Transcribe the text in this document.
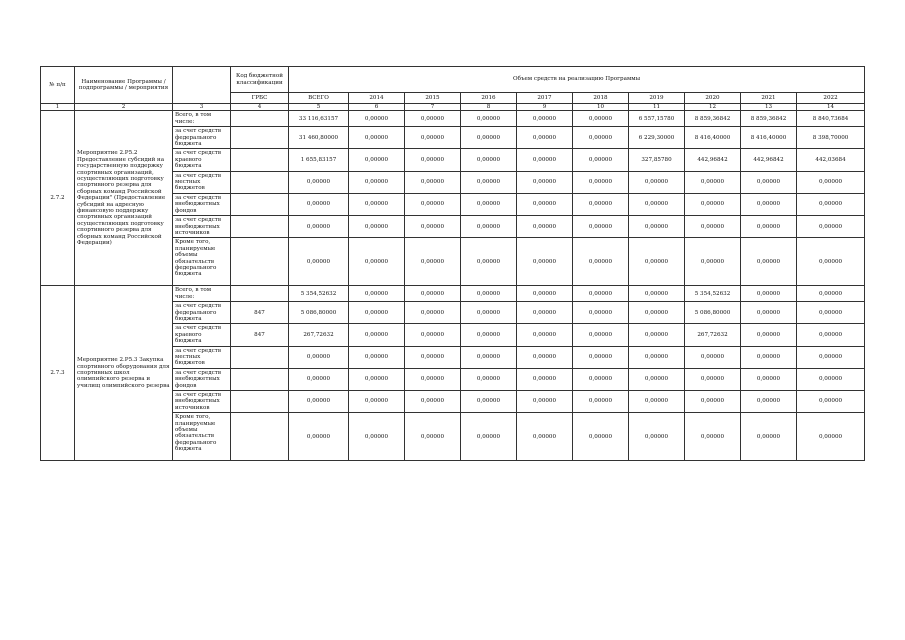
№ п/п	Наименование Программы / подпрограммы / мероприятия		Код бюджетной классификации	Объем средств на реализацию Программы									
			ГРБС	ВСЕГО	2014	2015	2016	2017	2018	2019	2020	2021	2022
1	2	3	4	5	6	7	8	9	10	11	12	13	14
2.7.2	Мероприятие 2.Р5.2 Предоставление субсидий на государственную поддержку спортивных организаций, осуществляющих подготовку спортивного резерва для сборных команд Российской Федерации" (Предоставление субсидий на адресную финансовую поддержку спортивных организаций осуществляющих подготовку спортивного резерва для сборных команд Российской Федерации)	Всего, в том числе:		33 116,63157	0,00000	0,00000	0,00000	0,00000	0,00000	6 557,15780	8 859,36842	8 859,36842	8 840,73684
		за счет средств федерального бюджета		31 460,80000	0,00000	0,00000	0,00000	0,00000	0,00000	6 229,30000	8 416,40000	8 416,40000	8 398,70000
		за счет средств краевого бюджета		1 655,83157	0,00000	0,00000	0,00000	0,00000	0,00000	327,85780	442,96842	442,96842	442,03684
		за счет средств местных бюджетов		0,00000	0,00000	0,00000	0,00000	0,00000	0,00000	0,00000	0,00000	0,00000	0,00000
		за счет средств внебюджетных фондов		0,00000	0,00000	0,00000	0,00000	0,00000	0,00000	0,00000	0,00000	0,00000	0,00000
		за счет средств внебюджетных источников		0,00000	0,00000	0,00000	0,00000	0,00000	0,00000	0,00000	0,00000	0,00000	0,00000
		Кроме того, планируемые объемы обязательств федерального бюджета		0,00000	0,00000	0,00000	0,00000	0,00000	0,00000	0,00000	0,00000	0,00000	0,00000
2.7.3	Мероприятие 2.Р5.3 Закупка спортивного оборудования для спортивных школ олимпийского резерва и училищ олимпийского резерва	Всего, в том числе:		5 354,52632	0,00000	0,00000	0,00000	0,00000	0,00000	0,00000	5 354,52632	0,00000	0,00000
		за счет средств федерального бюджета	847	5 086,80000	0,00000	0,00000	0,00000	0,00000	0,00000	0,00000	5 086,80000	0,00000	0,00000
		за счет средств краевого бюджета	847	267,72632	0,00000	0,00000	0,00000	0,00000	0,00000	0,00000	267,72632	0,00000	0,00000
		за счет средств местных бюджетов		0,00000	0,00000	0,00000	0,00000	0,00000	0,00000	0,00000	0,00000	0,00000	0,00000
		за счет средств внебюджетных фондов		0,00000	0,00000	0,00000	0,00000	0,00000	0,00000	0,00000	0,00000	0,00000	0,00000
		за счет средств внебюджетных источников		0,00000	0,00000	0,00000	0,00000	0,00000	0,00000	0,00000	0,00000	0,00000	0,00000
		Кроме того, планируемые объемы обязательств федерального бюджета		0,00000	0,00000	0,00000	0,00000	0,00000	0,00000	0,00000	0,00000	0,00000	0,00000
